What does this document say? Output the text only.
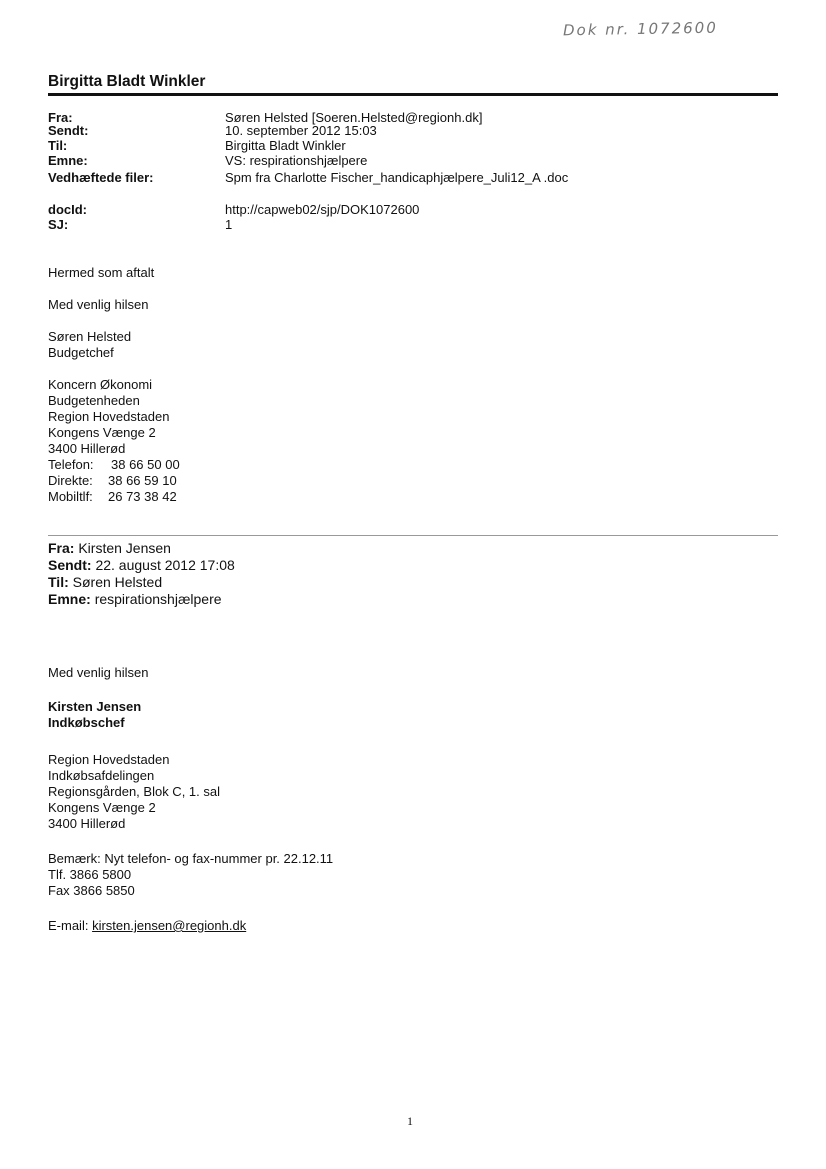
Dok nr. 1072600
Birgitta Bladt Winkler
Fra:	Søren Helsted [Soeren.Helsted@regionh.dk]
Sendt:	10. september 2012 15:03
Til:	Birgitta Bladt Winkler
Emne:	VS: respirationshjælpere
Vedhæftede filer:	Spm fra Charlotte Fischer_handicaphjælpere_Juli12_A .doc
docId:	http://capweb02/sjp/DOK1072600
SJ:	1
Hermed som aftalt
Med venlig hilsen
Søren Helsted
Budgetchef
Koncern Økonomi
Budgetenheden
Region Hovedstaden
Kongens Vænge 2
3400 Hillerød
Telefon: 38 66 50 00
Direkte: 38 66 59 10
Mobiltlf: 26 73 38 42
Fra: Kirsten Jensen
Sendt: 22. august 2012 17:08
Til: Søren Helsted
Emne: respirationshjælpere
Med venlig hilsen
Kirsten Jensen
Indkøbschef
Region Hovedstaden
Indkøbsafdelingen
Regionsgården, Blok C, 1. sal
Kongens Vænge 2
3400 Hillerød
Bemærk: Nyt telefon- og fax-nummer pr. 22.12.11
Tlf. 3866 5800
Fax 3866 5850
E-mail: kirsten.jensen@regionh.dk
1
